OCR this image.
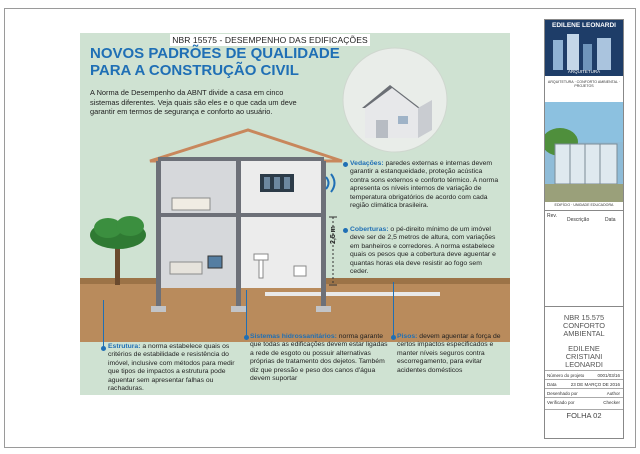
NBR 15575 - DESEMPENHO DAS EDIFICAÇÕES
NOVOS PADRÕES DE QUALIDADE
PARA A CONSTRUÇÃO CIVIL
A Norma de Desempenho da ABNT divide a casa em cinco sistemas diferentes. Veja quais são eles e o que cada um deve garantir em termos de segurança e conforto ao usuário.
2,5 m
Vedações: paredes externas e internas devem garantir a estanqueidade, proteção acústica contra sons externos e conforto térmico. A norma apresenta os níveis internos de variação de temperatura obrigatórios de acordo com cada região climática brasileira.
Coberturas: o pé-direito mínimo de um imóvel deve ser de 2,5 metros de altura, com variações em banheiros e corredores. A norma estabelece quais os pesos que a cobertura deve aguentar e quantas horas ela deve resistir ao fogo sem ceder.
Estrutura: a norma estabelece quais os critérios de estabilidade e resistência do imóvel, inclusive com métodos para medir que tipos de impactos a estrutura pode aguentar sem apresentar falhas ou rachaduras.
Sistemas hidrossanitários: norma garante que todas as edificações devem estar ligadas a rede de esgoto ou possuir alternativas próprias de tratamento dos dejetos. Também diz que pressão e peso dos canos d'água devem suportar
Pisos: devem aguentar a força de certos impactos especificados e manter níveis seguros contra escorregamento, para evitar acidentes domésticos
EDILENE LEONARDI
ARQUITETURA
ARQUITETURA · CONFORTO AMBIENTAL · PROJETOS
EDIFÍCIO · UNIDADE EDUCADORA
Rev.
Descrição	Data
NBR 15.575
CONFORTO
AMBIENTAL
EDILENE
CRISTIANI
LEONARDI
Número do projeto	0001/03/16
Data	23 DE MARÇO DE 2016
Desenhado por	Author
Verificado por	Checker
FOLHA 02
